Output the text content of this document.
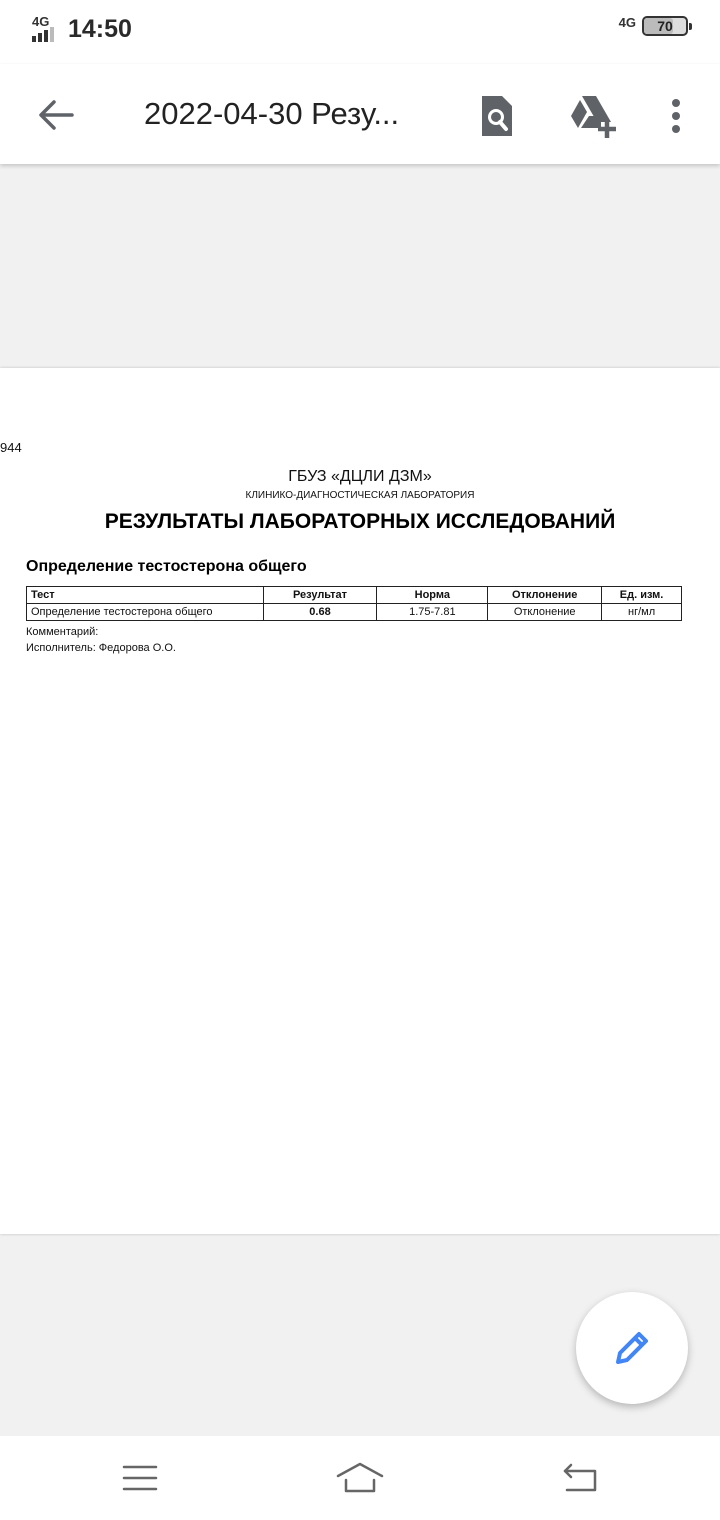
4G 14:50	4G	70
2022-04-30 Резу...
944
ГБУЗ «ДЦЛИ ДЗМ»
КЛИНИКО-ДИАГНОСТИЧЕСКАЯ ЛАБОРАТОРИЯ
РЕЗУЛЬТАТЫ ЛАБОРАТОРНЫХ ИССЛЕДОВАНИЙ
Определение тестостерона общего
Тест	Результат	Норма	Отклонение	Ед. изм.
Определение тестостерона общего	0.68	1.75-7.81	Отклонение	нг/мл
Комментарий:
Исполнитель: Федорова О.О.
